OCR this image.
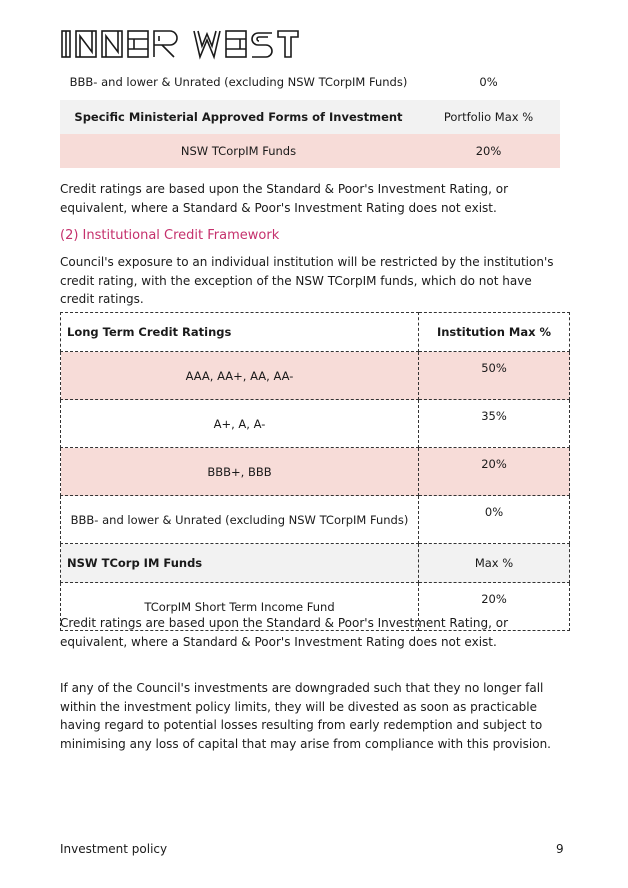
BBB- and lower & Unrated (excluding NSW TCorpIM Funds)	0%

Specific Ministerial Approved Forms of Investment	Portfolio Max %
NSW TCorpIM Funds	20%

Credit ratings are based upon the Standard & Poor's Investment Rating, or equivalent, where a Standard & Poor's Investment Rating does not exist.

(2) Institutional Credit Framework

Council's exposure to an individual institution will be restricted by the institution's credit rating, with the exception of the NSW TCorpIM funds, which do not have credit ratings.

Long Term Credit Ratings	Institution Max %
AAA, AA+, AA, AA-	50%
A+, A, A-	35%
BBB+, BBB	20%
BBB- and lower & Unrated (excluding NSW TCorpIM Funds)	0%
NSW TCorp IM Funds	Max %
TCorpIM Short Term Income Fund	20%

Credit ratings are based upon the Standard & Poor's Investment Rating, or equivalent, where a Standard & Poor's Investment Rating does not exist.

If any of the Council's investments are downgraded such that they no longer fall within the investment policy limits, they will be divested as soon as practicable having regard to potential losses resulting from early redemption and subject to minimising any loss of capital that may arise from compliance with this provision.

Investment policy	9
